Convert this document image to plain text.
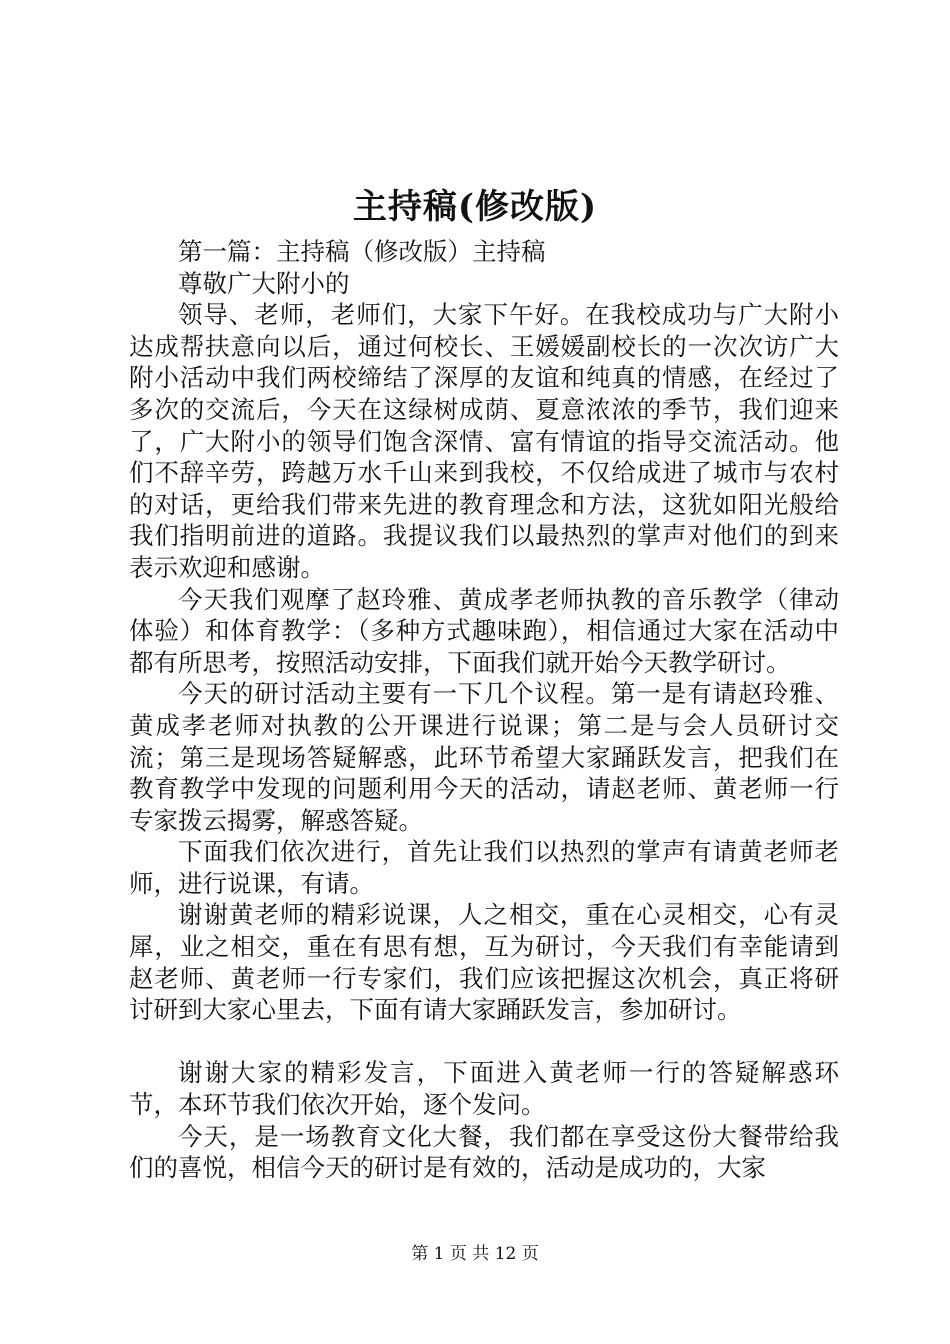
主持稿(修改版)

第一篇：主持稿（修改版）主持稿

尊敬广大附小的

领导、老师，老师们，大家下午好。在我校成功与广大附小达成帮扶意向以后，通过何校长、王媛媛副校长的一次次访广大附小活动中我们两校缔结了深厚的友谊和纯真的情感，在经过了多次的交流后，今天在这绿树成荫、夏意浓浓的季节，我们迎来了，广大附小的领导们饱含深情、富有情谊的指导交流活动。他们不辞辛劳，跨越万水千山来到我校，不仅给成进了城市与农村的对话，更给我们带来先进的教育理念和方法，这犹如阳光般给我们指明前进的道路。我提议我们以最热烈的掌声对他们的到来表示欢迎和感谢。

今天我们观摩了赵玲雅、黄成孝老师执教的音乐教学（律动体验）和体育教学：（多种方式趣味跑），相信通过大家在活动中都有所思考，按照活动安排，下面我们就开始今天教学研讨。

今天的研讨活动主要有一下几个议程。第一是有请赵玲雅、黄成孝老师对执教的公开课进行说课；第二是与会人员研讨交流；第三是现场答疑解惑，此环节希望大家踊跃发言，把我们在教育教学中发现的问题利用今天的活动，请赵老师、黄老师一行专家拨云揭雾，解惑答疑。

下面我们依次进行，首先让我们以热烈的掌声有请黄老师老师，进行说课，有请。

谢谢黄老师的精彩说课，人之相交，重在心灵相交，心有灵犀，业之相交，重在有思有想，互为研讨，今天我们有幸能请到赵老师、黄老师一行专家们，我们应该把握这次机会，真正将研讨研到大家心里去，下面有请大家踊跃发言，参加研讨。

谢谢大家的精彩发言，下面进入黄老师一行的答疑解惑环节，本环节我们依次开始，逐个发问。

今天，是一场教育文化大餐，我们都在享受这份大餐带给我们的喜悦，相信今天的研讨是有效的，活动是成功的，大家

第 1 页 共 12 页
